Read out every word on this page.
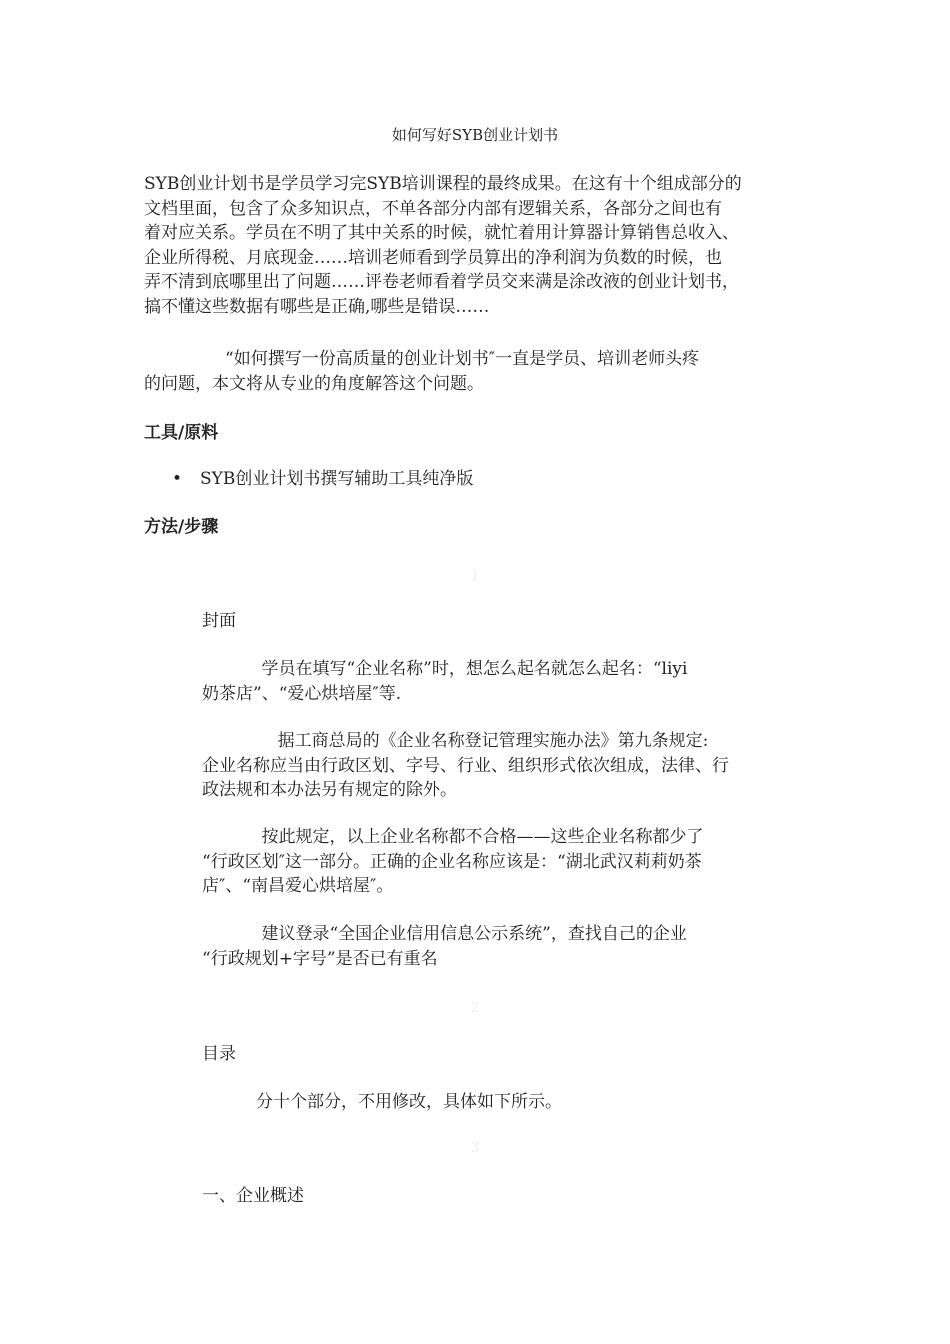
如何写好SYB创业计划书
SYB创业计划书是学员学习完SYB培训课程的最终成果。在这有十个组成部分的
文档里面，包含了众多知识点，不单各部分内部有逻辑关系，各部分之间也有
着对应关系。学员在不明了其中关系的时候，就忙着用计算器计算销售总收入、
企业所得税、月底现金……培训老师看到学员算出的净利润为负数的时候，也
弄不清到底哪里出了问题……评卷老师看着学员交来满是涂改液的创业计划书，
搞不懂这些数据有哪些是正确,哪些是错误……
“如何撰写一份高质量的创业计划书″一直是学员、培训老师头疼
的问题，本文将从专业的角度解答这个问题。
工具/原料
• SYB创业计划书撰写辅助工具纯净版
方法/步骤
1
封面
学员在填写“企业名称”时，想怎么起名就怎么起名：“liyi
奶茶店”、“爱心烘培屋″等.
据工商总局的《企业名称登记管理实施办法》第九条规定:
企业名称应当由行政区划、字号、行业、组织形式依次组成，法律、行
政法规和本办法另有规定的除外。
按此规定，以上企业名称都不合格——这些企业名称都少了
“行政区划″这一部分。正确的企业名称应该是：“湖北武汉莉莉奶茶
店″、“南昌爱心烘培屋″。
建议登录“全国企业信用信息公示系统”，查找自己的企业
“行政规划+字号”是否已有重名
2
目录
分十个部分，不用修改，具体如下所示。
3
一、企业概述
